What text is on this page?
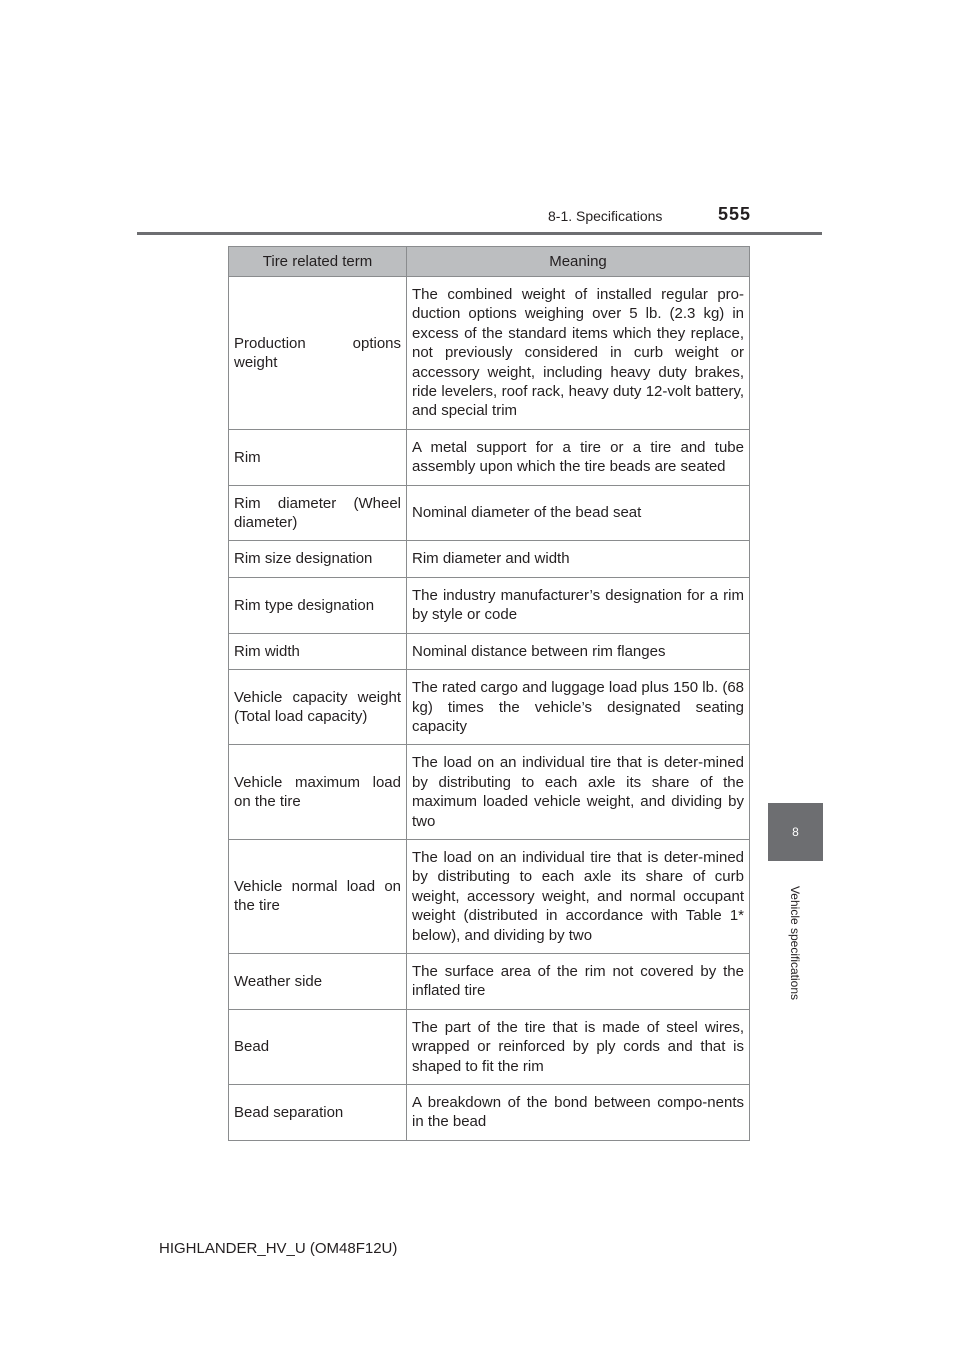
8-1. Specifications	555
8
Vehicle specifications
Tire related term	Meaning
Production options weight	The combined weight of installed regular pro-duction options weighing over 5 lb. (2.3 kg) in excess of the standard items which they replace, not previously considered in curb weight or accessory weight, including heavy duty brakes, ride levelers, roof rack, heavy duty 12-volt battery, and special trim
Rim	A metal support for a tire or a tire and tube assembly upon which the tire beads are seated
Rim diameter (Wheel diameter)	Nominal diameter of the bead seat
Rim size designation	Rim diameter and width
Rim type designation	The industry manufacturer’s designation for a rim by style or code
Rim width	Nominal distance between rim flanges
Vehicle capacity weight (Total load capacity)	The rated cargo and luggage load plus 150 lb. (68 kg) times the vehicle’s designated seating capacity
Vehicle maximum load on the tire	The load on an individual tire that is deter-mined by distributing to each axle its share of the maximum loaded vehicle weight, and dividing by two
Vehicle normal load on the tire	The load on an individual tire that is deter-mined by distributing to each axle its share of curb weight, accessory weight, and normal occupant weight (distributed in accordance with Table 1* below), and dividing by two
Weather side	The surface area of the rim not covered by the inflated tire
Bead	The part of the tire that is made of steel wires, wrapped or reinforced by ply cords and that is shaped to fit the rim
Bead separation	A breakdown of the bond between compo-nents in the bead
HIGHLANDER_HV_U (OM48F12U)
